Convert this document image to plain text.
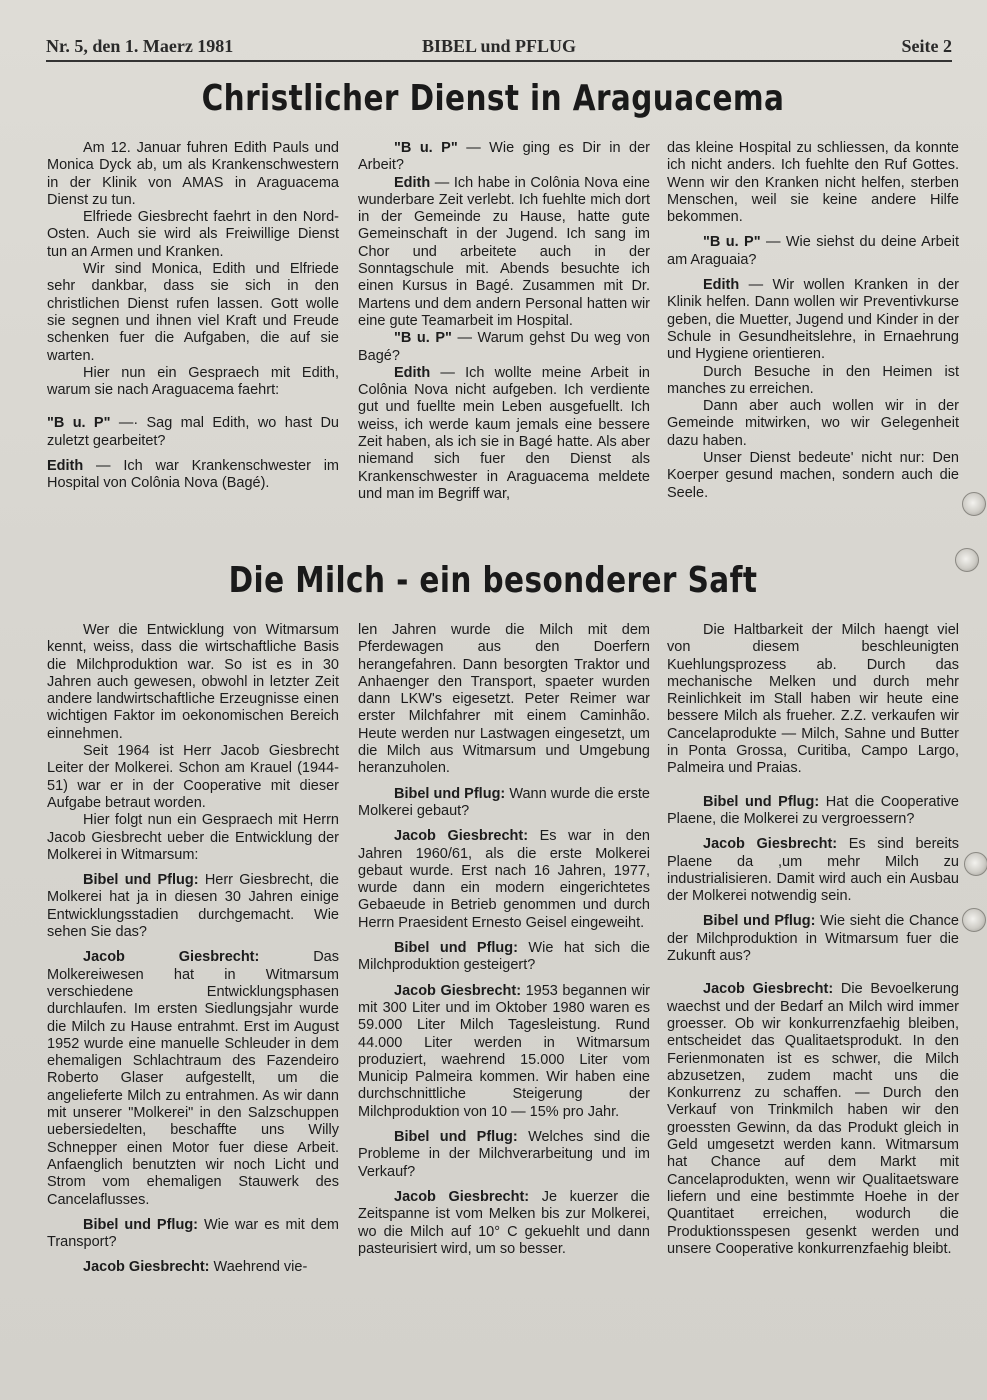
Nr. 5, den 1. Maerz 1981	BIBEL und PFLUG	Seite 2
Christlicher Dienst in Araguacema

Am 12. Januar fuhren Edith Pauls und Monica Dyck ab, um als Krankenschwestern in der Klinik von AMAS in Araguacema Dienst zu tun.

Elfriede Giesbrecht faehrt in den Nord-Osten. Auch sie wird als Freiwillige Dienst tun an Armen und Kranken.

Wir sind Monica, Edith und Elfriede sehr dankbar, dass sie sich in den christlichen Dienst rufen lassen. Gott wolle sie segnen und ihnen viel Kraft und Freude schenken fuer die Aufgaben, die auf sie warten.

Hier nun ein Gespraech mit Edith, warum sie nach Araguacema faehrt:

"B u. P" —· Sag mal Edith, wo hast Du zuletzt gearbeitet?

Edith — Ich war Krankenschwester im Hospital von Colônia Nova (Bagé).

"B u. P" — Wie ging es Dir in der Arbeit?

Edith — Ich habe in Colônia Nova eine wunderbare Zeit verlebt. Ich fuehlte mich dort in der Gemeinde zu Hause, hatte gute Gemeinschaft in der Jugend. Ich sang im Chor und arbeitete auch in der Sonntagschule mit. Abends besuchte ich einen Kursus in Bagé. Zusammen mit Dr. Martens und dem andern Personal hatten wir eine gute Teamarbeit im Hospital.

"B u. P" — Warum gehst Du weg von Bagé?

Edith — Ich wollte meine Arbeit in Colônia Nova nicht aufgeben. Ich verdiente gut und fuellte mein Leben ausgefuellt. Ich weiss, ich werde kaum jemals eine bessere Zeit haben, als ich sie in Bagé hatte. Als aber niemand sich fuer den Dienst als Krankenschwester in Araguacema meldete und man im Begriff war,

das kleine Hospital zu schliessen, da konnte ich nicht anders. Ich fuehlte den Ruf Gottes. Wenn wir den Kranken nicht helfen, sterben Menschen, weil sie keine andere Hilfe bekommen.

"B u. P" — Wie siehst du deine Arbeit am Araguaia?

Edith — Wir wollen Kranken in der Klinik helfen. Dann wollen wir Preventivkurse geben, die Muetter, Jugend und Kinder in der Schule in Gesundheitslehre, in Ernaehrung und Hygiene orientieren.

Durch Besuche in den Heimen ist manches zu erreichen.

Dann aber auch wollen wir in der Gemeinde mitwirken, wo wir Gelegenheit dazu haben.

Unser Dienst bedeute' nicht nur: Den Koerper gesund machen, sondern auch die Seele.

Die Milch - ein besonderer Saft

Wer die Entwicklung von Witmarsum kennt, weiss, dass die wirtschaftliche Basis die Milchproduktion war. So ist es in 30 Jahren auch gewesen, obwohl in letzter Zeit andere landwirtschaftliche Erzeugnisse einen wichtigen Faktor im oekonomischen Bereich einnehmen.

Seit 1964 ist Herr Jacob Giesbrecht Leiter der Molkerei. Schon am Krauel (1944-51) war er in der Cooperative mit dieser Aufgabe betraut worden.

Hier folgt nun ein Gespraech mit Herrn Jacob Giesbrecht ueber die Entwicklung der Molkerei in Witmarsum:

Bibel und Pflug: Herr Giesbrecht, die Molkerei hat ja in diesen 30 Jahren einige Entwicklungsstadien durchgemacht. Wie sehen Sie das?

Jacob Giesbrecht: Das Molkereiwesen hat in Witmarsum verschiedene Entwicklungsphasen durchlaufen. Im ersten Siedlungsjahr wurde die Milch zu Hause entrahmt. Erst im August 1952 wurde eine manuelle Schleuder in dem ehemaligen Schlachtraum des Fazendeiro Roberto Glaser aufgestellt, um die angelieferte Milch zu entrahmen. As wir dann mit unserer "Molkerei" in den Salzschuppen uebersiedelten, beschaffte uns Willy Schnepper einen Motor fuer diese Arbeit. Anfaenglich benutzten wir noch Licht und Strom vom ehemaligen Stauwerk des Cancelaflusses.

Bibel und Pflug: Wie war es mit dem Transport?

Jacob Giesbrecht: Waehrend vie-

len Jahren wurde die Milch mit dem Pferdewagen aus den Doerfern herangefahren. Dann besorgten Traktor und Anhaenger den Transport, spaeter wurden dann LKW's eigesetzt. Peter Reimer war erster Milchfahrer mit einem Caminhão. Heute werden nur Lastwagen eingesetzt, um die Milch aus Witmarsum und Umgebung heranzuholen.

Bibel und Pflug: Wann wurde die erste Molkerei gebaut?

Jacob Giesbrecht: Es war in den Jahren 1960/61, als die erste Molkerei gebaut wurde. Erst nach 16 Jahren, 1977, wurde dann ein modern eingerichtetes Gebaeude in Betrieb genommen und durch Herrn Praesident Ernesto Geisel eingeweiht.

Bibel und Pflug: Wie hat sich die Milchproduktion gesteigert?

Jacob Giesbrecht: 1953 begannen wir mit 300 Liter und im Oktober 1980 waren es 59.000 Liter Milch Tagesleistung. Rund 44.000 Liter werden in Witmarsum produziert, waehrend 15.000 Liter vom Municip Palmeira kommen. Wir haben eine durchschnittliche Steigerung der Milchproduktion von 10 — 15% pro Jahr.

Bibel und Pflug: Welches sind die Probleme in der Milchverarbeitung und im Verkauf?

Jacob Giesbrecht: Je kuerzer die Zeitspanne ist vom Melken bis zur Molkerei, wo die Milch auf 10° C gekuehlt und dann pasteurisiert wird, um so besser.

Die Haltbarkeit der Milch haengt viel von diesem beschleunigten Kuehlungsprozess ab. Durch das mechanische Melken und durch mehr Reinlichkeit im Stall haben wir heute eine bessere Milch als frueher. Z.Z. verkaufen wir Cancelaprodukte — Milch, Sahne und Butter in Ponta Grossa, Curitiba, Campo Largo, Palmeira und Praias.

Bibel und Pflug: Hat die Cooperative Plaene, die Molkerei zu vergroessern?

Jacob Giesbrecht: Es sind bereits Plaene da ,um mehr Milch zu industrialisieren. Damit wird auch ein Ausbau der Molkerei notwendig sein.

Bibel und Pflug: Wie sieht die Chance der Milchproduktion in Witmarsum fuer die Zukunft aus?

Jacob Giesbrecht: Die Bevoelkerung waechst und der Bedarf an Milch wird immer groesser. Ob wir konkurrenzfaehig bleiben, entscheidet das Qualitaetsprodukt. In den Ferienmonaten ist es schwer, die Milch abzusetzen, zudem macht uns die Konkurrenz zu schaffen. — Durch den Verkauf von Trinkmilch haben wir den groessten Gewinn, da das Produkt gleich in Geld umgesetzt werden kann. Witmarsum hat Chance auf dem Markt mit Cancelaprodukten, wenn wir Qualitaetsware liefern und eine bestimmte Hoehe in der Quantitaet erreichen, wodurch die Produktionsspesen gesenkt werden und unsere Cooperative konkurrenzfaehig bleibt.
